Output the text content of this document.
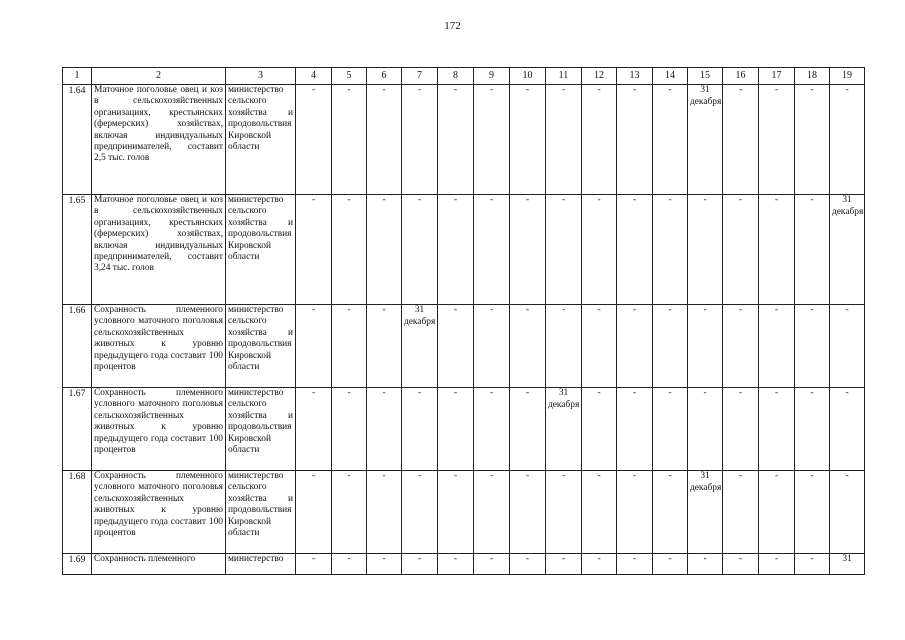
172
1	2	3	4	5	6	7	8	9	10	11	12	13	14	15	16	17	18	19
1.64	Маточное поголовье овец и коз в сельскохозяйственных организациях, крестьянских (фермерских) хозяйствах, включая индивидуальных предпринимателей, составит 2,5 тыс. голов	министерство сельского хозяйства и продовольствия Кировской области	-	-	-	-	-	-	-	-	-	-	-	31 декабря	-	-	-	-
1.65	Маточное поголовье овец и коз в сельскохозяйственных организациях, крестьянских (фермерских) хозяйствах, включая индивидуальных предпринимателей, составит 3,24 тыс. голов	министерство сельского хозяйства и продовольствия Кировской области	-	-	-	-	-	-	-	-	-	-	-	-	-	-	-	31 декабря
1.66	Сохранность племенного условного маточного поголовья сельскохозяйственных животных к уровню предыдущего года составит 100 процентов	министерство сельского хозяйства и продовольствия Кировской области	-	-	-	31 декабря	-	-	-	-	-	-	-	-	-	-	-	-
1.67	Сохранность племенного условного маточного поголовья сельскохозяйственных животных к уровню предыдущего года составит 100 процентов	министерство сельского хозяйства и продовольствия Кировской области	-	-	-	-	-	-	-	31 декабря	-	-	-	-	-	-	-	-
1.68	Сохранность племенного условного маточного поголовья сельскохозяйственных животных к уровню предыдущего года составит 100 процентов	министерство сельского хозяйства и продовольствия Кировской области	-	-	-	-	-	-	-	-	-	-	-	31 декабря	-	-	-	-
1.69	Сохранность племенного	министерство	-	-	-	-	-	-	-	-	-	-	-	-	-	-	-	31
